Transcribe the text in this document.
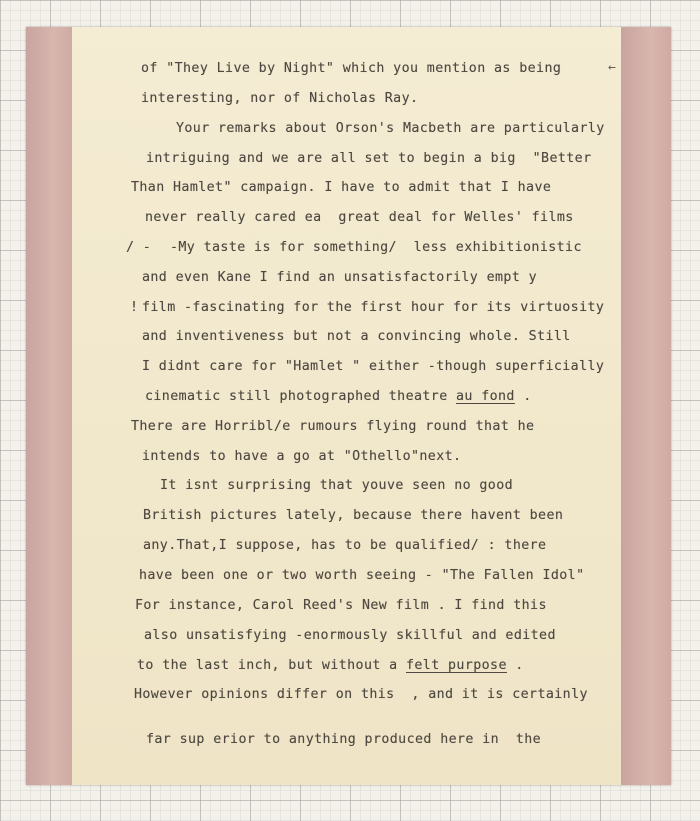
←
of "They Live by Night" which you mention as being
interesting, nor of Nicholas Ray.
Your remarks about Orson's Macbeth are particularly
intriguing and we are all set to begin a big  "Better
Than Hamlet" campaign. I have to admit that I have
never really cared ea  great deal for Welles' films
/ - -My taste is for something/  less exhibitionistic
and even Kane I find an unsatisfactorily empt y
! film -fascinating for the first hour for its virtuosity
and inventiveness but not a convincing whole. Still
I didnt care for "Hamlet " either -though superficially
cinematic still photographed theatre au fond .
There are Horribl/e rumours flying round that he
intends to have a go at "Othello"next.
It isnt surprising that youve seen no good
British pictures lately, because there havent been
any.That,I suppose, has to be qualified/ : there
have been one or two worth seeing - "The Fallen Idol"
For instance, Carol Reed's New film . I find this
also unsatisfying -enormously skillful and edited
to the last inch, but without a felt purpose .
However opinions differ on this  , and it is certainly
far sup erior to anything produced here in  the
